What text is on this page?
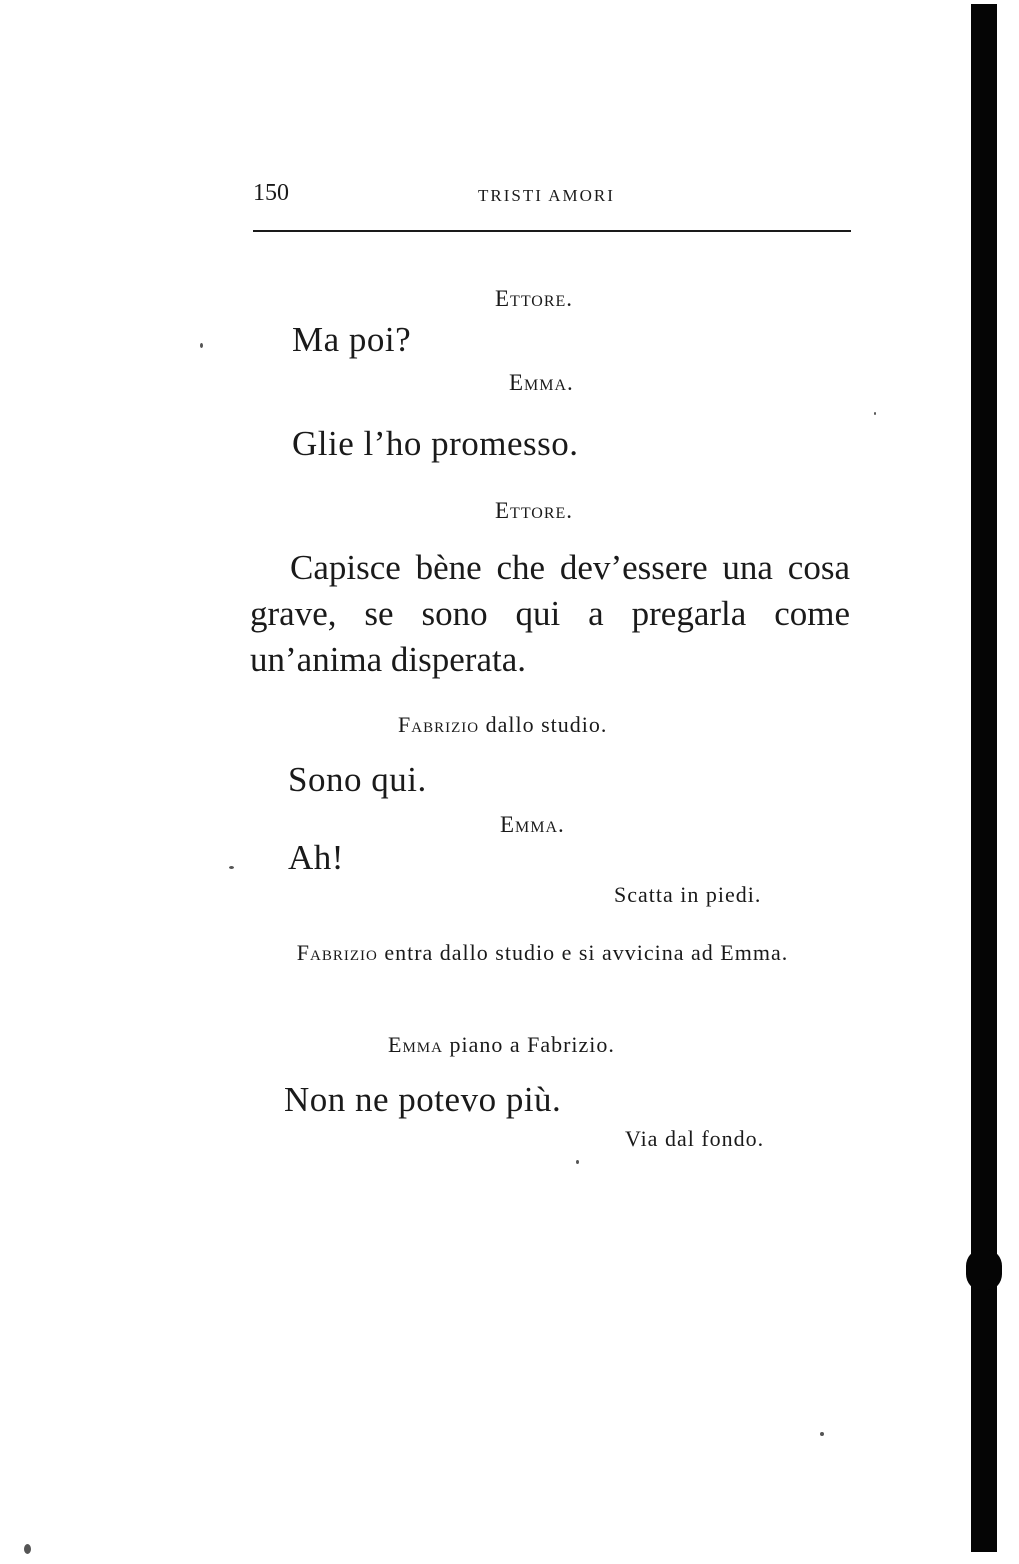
150	TRISTI AMORI
Ettore.
Ma poi?
Emma.
Glie l’ho promesso.
Ettore.
Capisce bène che dev’essere una cosa grave, se sono qui a pregarla come un’anima disperata.
Fabrizio dallo studio.
Sono qui.
Emma.
Ah!
Scatta in piedi.
Fabrizio entra dallo studio e si avvicina ad Emma.
Emma piano a Fabrizio.
Non ne potevo più.
Via dal fondo.
